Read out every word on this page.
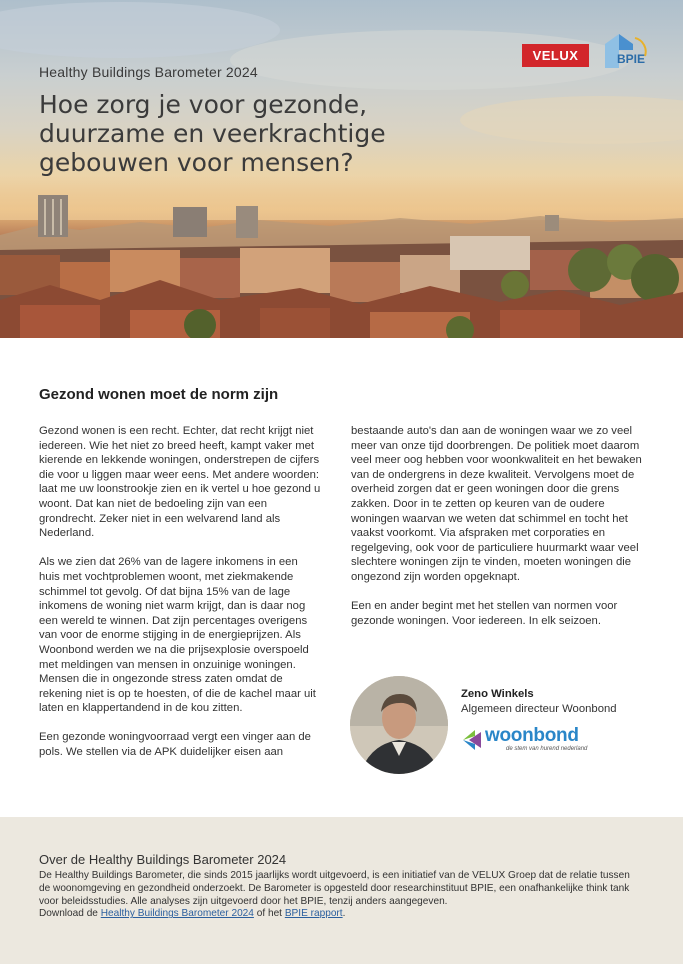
Healthy Buildings Barometer 2024
Hoe zorg je voor gezonde, duurzame en veerkrachtige gebouwen voor mensen?
VELUX	BPIE
Gezond wonen moet de norm zijn

Gezond wonen is een recht. Echter, dat recht krijgt niet iedereen. Wie het niet zo breed heeft, kampt vaker met kierende en lekkende woningen, onderstrepen de cijfers die voor u liggen maar weer eens. Met andere woorden: laat me uw loonstrookje zien en ik vertel u hoe gezond u woont. Dat kan niet de bedoeling zijn van een grondrecht. Zeker niet in een welvarend land als Nederland.

Als we zien dat 26% van de lagere inkomens in een huis met vochtproblemen woont, met ziekmakende schimmel tot gevolg. Of dat bijna 15% van de lage inkomens de woning niet warm krijgt, dan is daar nog een wereld te winnen. Dat zijn percentages overigens van voor de enorme stijging in de energieprijzen. Als Woonbond werden we na die prijsexplosie overspoeld met meldingen van mensen in onzuinige woningen. Mensen die in ongezonde stress zaten omdat de rekening niet is op te hoesten, of die de kachel maar uit laten en klappertandend in de kou zitten.

Een gezonde woningvoorraad vergt een vinger aan de pols. We stellen via de APK duidelijker eisen aan

bestaande auto's dan aan de woningen waar we zo veel meer van onze tijd doorbrengen. De politiek moet daarom veel meer oog hebben voor woonkwaliteit en het bewaken van de ondergrens in deze kwaliteit. Vervolgens moet de overheid zorgen dat er geen woningen door die grens zakken. Door in te zetten op keuren van de oudere woningen waarvan we weten dat schimmel en tocht het vaakst voorkomt. Via afspraken met corporaties en regelgeving, ook voor de particuliere huurmarkt waar veel slechtere woningen zijn te vinden, moeten woningen die ongezond zijn worden opgeknapt.

Een en ander begint met het stellen van normen voor gezonde woningen. Voor iedereen. In elk seizoen.

Zeno Winkels
Algemeen directeur Woonbond
woonbond
de stem van hurend nederland
Over de Healthy Buildings Barometer 2024
De Healthy Buildings Barometer, die sinds 2015 jaarlijks wordt uitgevoerd, is een initiatief van de VELUX Groep dat de relatie tussen de woonomgeving en gezondheid onderzoekt. De Barometer is opgesteld door researchinstituut BPIE, een onafhankelijke think tank voor beleidsstudies. Alle analyses zijn uitgevoerd door het BPIE, tenzij anders aangegeven.
Download de Healthy Buildings Barometer 2024 of het BPIE rapport.
